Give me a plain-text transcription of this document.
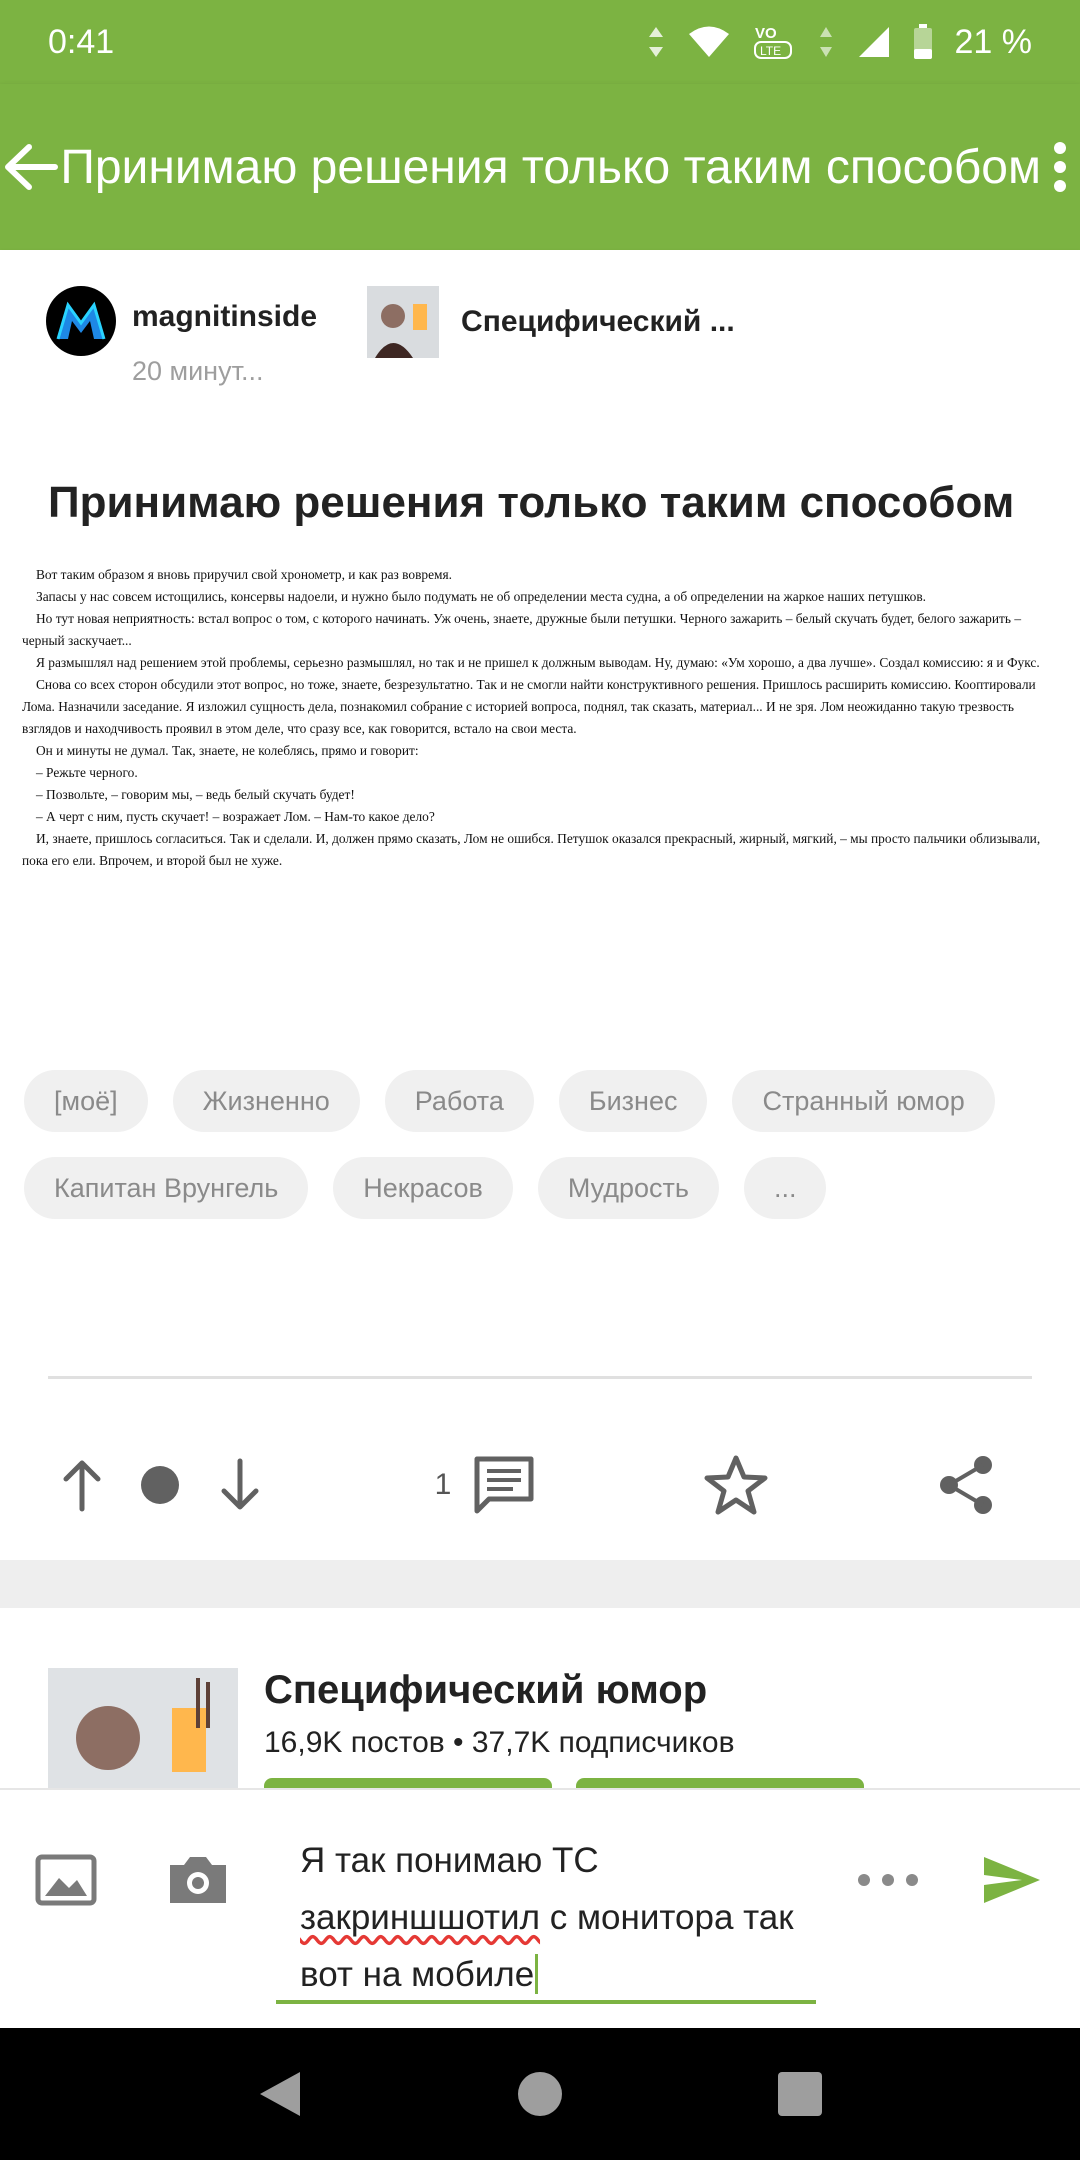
0:41	VO
LTE	21 %
Принимаю решения только таким способом
magnitinside
20 минут...
Специфический ...
Принимаю решения только таким способом

Вот таким образом я вновь приручил свой хронометр, и как раз вовремя.

Запасы у нас совсем истощились, консервы надоели, и нужно было подумать не об определении места судна, а об определении на жаркое наших петушков.

Но тут новая неприятность: встал вопрос о том, с которого начинать. Уж очень, знаете, дружные были петушки. Черного зажарить – белый скучать будет, белого зажарить – черный заскучает...

Я размышлял над решением этой проблемы, серьезно размышлял, но так и не пришел к должным выводам. Ну, думаю: «Ум хорошо, а два лучше». Создал комиссию: я и Фукс.

Снова со всех сторон обсудили этот вопрос, но тоже, знаете, безрезультатно. Так и не смогли найти конструктивного решения. Пришлось расширить комиссию. Кооптировали Лома. Назначили заседание. Я изложил сущность дела, познакомил собрание с историей вопроса, поднял, так сказать, материал... И не зря. Лом неожиданно такую трезвость взглядов и находчивость проявил в этом деле, что сразу все, как говорится, встало на свои места.

Он и минуты не думал. Так, знаете, не колеблясь, прямо и говорит:

– Режьте черного.

– Позвольте, – говорим мы, – ведь белый скучать будет!

– А черт с ним, пусть скучает! – возражает Лом. – Нам-то какое дело?

И, знаете, пришлось согласиться. Так и сделали. И, должен прямо сказать, Лом не ошибся. Петушок оказался прекрасный, жирный, мягкий, – мы просто пальчики облизывали, пока его ели. Впрочем, и второй был не хуже.

[моё]	Жизненно	Работа	Бизнес	Странный юмор
Капитан Врунгель	Некрасов	Мудрость	...
1
Специфический юмор
16,9K постов • 37,7K подписчиков
Я так понимаю ТС закриншшотил с монитора так вот на мобиле
